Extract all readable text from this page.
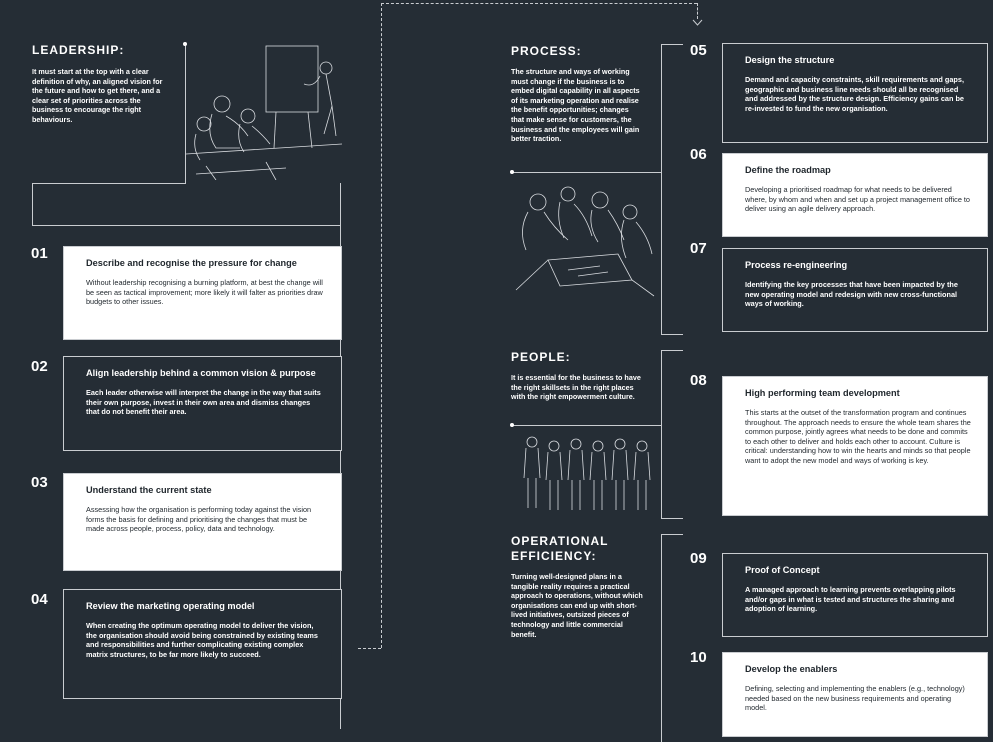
LEADERSHIP:
It must start at the top with a clear definition of why, an aligned vision for the future and how to get there, and a clear set of priorities across the business to encourage the right behaviours.
01
Describe and recognise the pressure for change
Without leadership recognising a burning platform, at best the change will be seen as tactical improvement; more likely it will falter as priorities draw budgets to other issues.
02	Align leadership behind a common vision & purpose
Each leader otherwise will interpret the change in the way that suits their own purpose, invest in their own area and dismiss changes that do not benefit their area.
03	Understand the current state
Assessing how the organisation is performing today against the vision forms the basis for defining and prioritising the changes that must be made across people, process, policy, data and technology.
04	Review the marketing operating model
When creating the optimum operating model to deliver the vision, the organisation should avoid being constrained by existing teams and responsibilities and further complicating existing complex matrix structures, to be far more likely to succeed.
PROCESS:
The structure and ways of working must change if the business is to embed digital capability in all aspects of its marketing operation and realise the benefit opportunities; changes that make sense for customers, the business and the employees will gain better traction.
PEOPLE:
It is essential for the business to have the right skillsets in the right places with the right empowerment culture.
OPERATIONAL
EFFICIENCY:
Turning well-designed plans in a tangible reality requires a practical approach to operations, without which organisations can end up with short-lived initiatives, outsized pieces of technology and little commercial benefit.
05
Design the structure
Demand and capacity constraints, skill requirements and gaps, geographic and business line needs should all be recognised and addressed by the structure design. Efficiency gains can be re-invested to fund the new organisation.
06
Define the roadmap
Developing a prioritised roadmap for what needs to be delivered where, by whom and when and set up a project management office to deliver using an agile delivery approach.
07
Process re-engineering
Identifying the key processes that have been impacted by the new operating model and redesign with new cross-functional ways of working.
08
High performing team development
This starts at the outset of the transformation program and continues throughout. The approach needs to ensure the whole team shares the common purpose, jointly agrees what needs to be done and commits to each other to deliver and holds each other to account. Culture is critical: understanding how to win the hearts and minds so that people want to adopt the new model and ways of working is key.
09
Proof of Concept
A managed approach to learning prevents overlapping pilots and/or gaps in what is tested and structures the sharing and adoption of learning.
10
Develop the enablers
Defining, selecting and implementing the enablers (e.g., technology) needed based on the new business requirements and operating model.
